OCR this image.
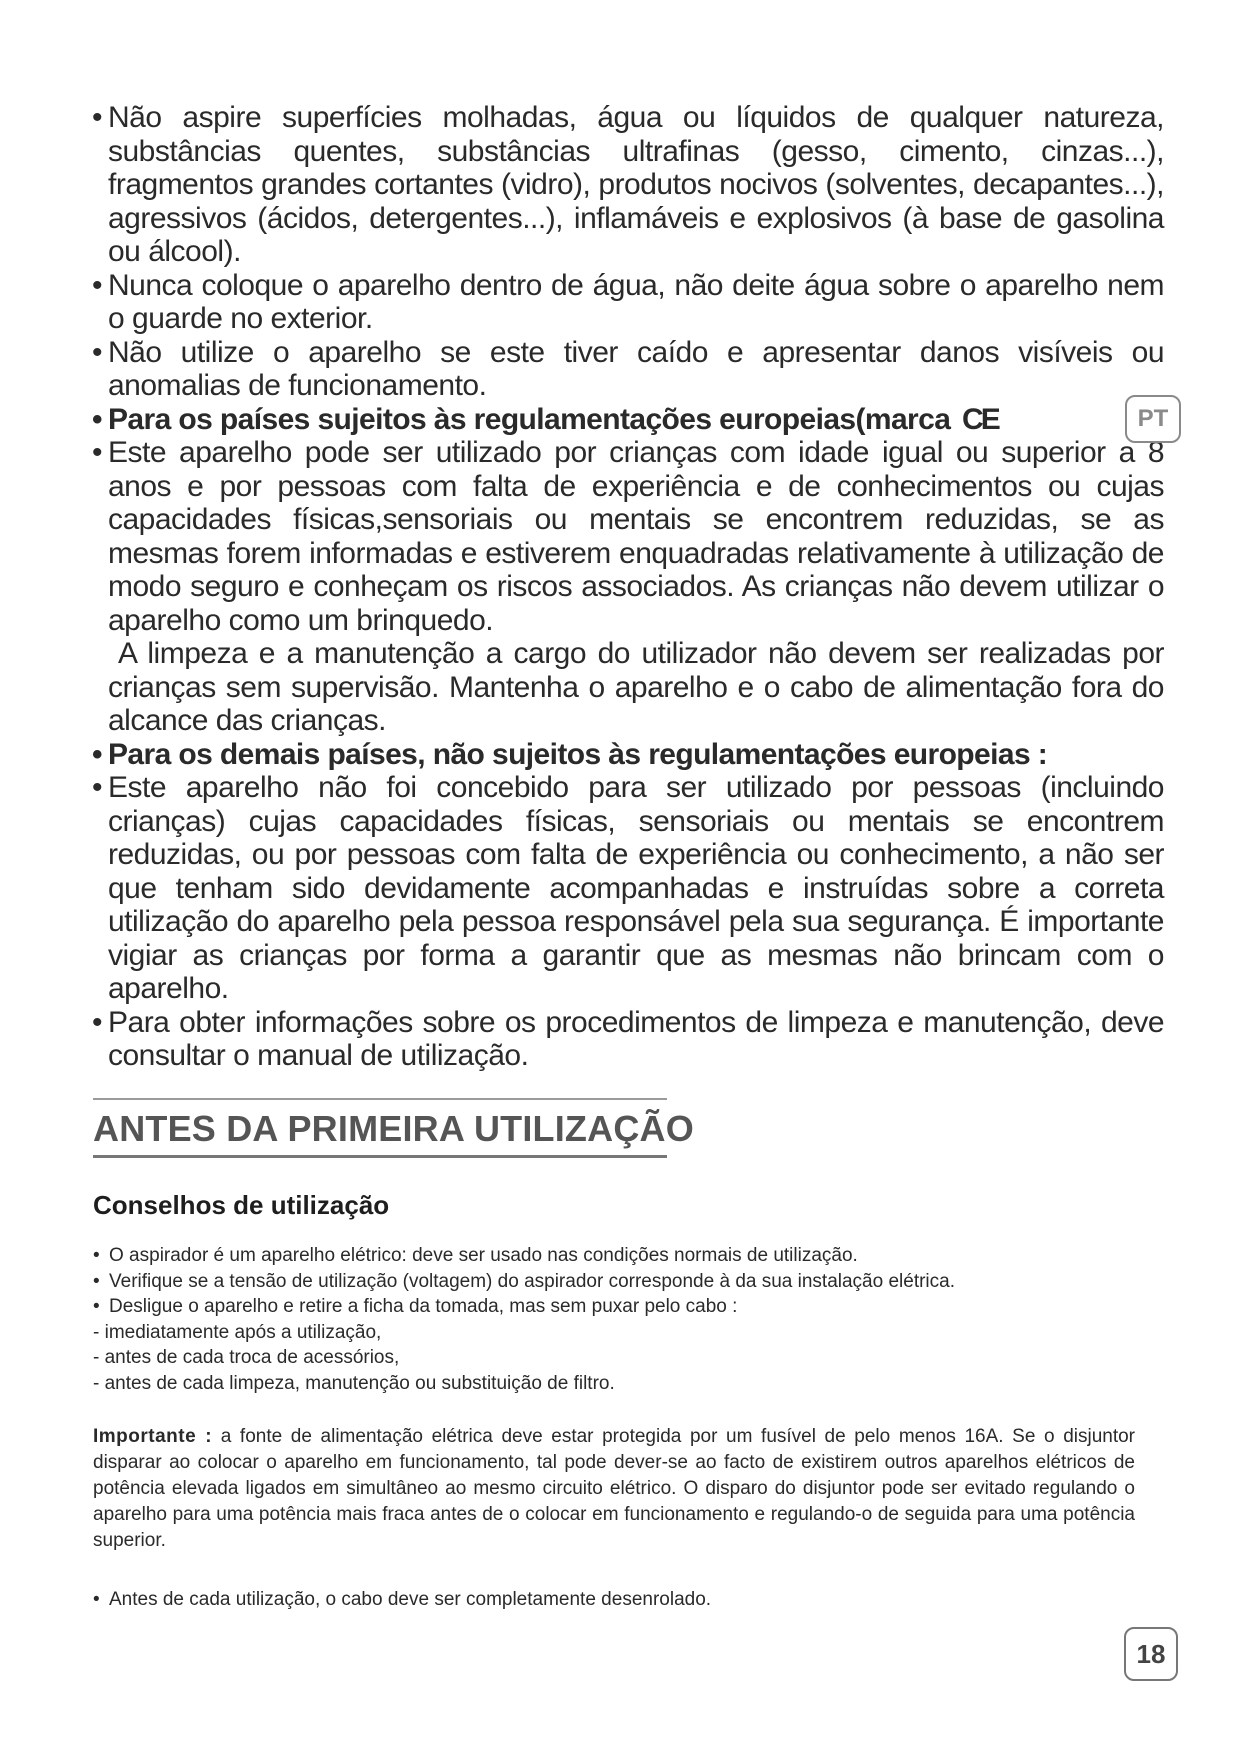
• Não aspire superfícies molhadas, água ou líquidos de qualquer natureza, substâncias quentes, substâncias ultrafinas (gesso, cimento, cinzas...), fragmentos grandes cortantes (vidro), produtos nocivos (solventes, decapantes...), agressivos (ácidos, detergentes...), inflamáveis e explosivos (à base de gasolina ou álcool).
• Nunca coloque o aparelho dentro de água, não deite água sobre o aparelho nem o guarde no exterior.
• Não utilize o aparelho se este tiver caído e apresentar danos visíveis ou anomalias de funcionamento.
• Para os países sujeitos às regulamentações europeias(marca CE
• Este aparelho pode ser utilizado por crianças com idade igual ou superior a 8 anos e por pessoas com falta de experiência e de conhecimentos ou cujas capacidades físicas,sensoriais ou mentais se encontrem reduzidas, se as mesmas forem informadas e estiverem enquadradas relativamente à utilização de modo seguro e conheçam os riscos associados. As crianças não devem utilizar o aparelho como um brinquedo.
A limpeza e a manutenção a cargo do utilizador não devem ser realizadas por crianças sem supervisão. Mantenha o aparelho e o cabo de alimentação fora do alcance das crianças.
• Para os demais países, não sujeitos às regulamentações europeias :
• Este aparelho não foi concebido para ser utilizado por pessoas (incluindo crianças) cujas capacidades físicas, sensoriais ou mentais se encontrem reduzidas, ou por pessoas com falta de experiência ou conhecimento, a não ser que tenham sido devidamente acompanhadas e instruídas sobre a correta utilização do aparelho pela pessoa responsável pela sua segurança. É importante vigiar as crianças por forma a garantir que as mesmas não brincam com o aparelho.
• Para obter informações sobre os procedimentos de limpeza e manutenção, deve consultar o manual de utilização.
PT
ANTES DA PRIMEIRA UTILIZAÇÃO
Conselhos de utilização
• O aspirador é um aparelho elétrico: deve ser usado nas condições normais de utilização.
• Verifique se a tensão de utilização (voltagem) do aspirador corresponde à da sua instalação elétrica.
• Desligue o aparelho e retire a ficha da tomada, mas sem puxar pelo cabo :
- imediatamente após a utilização,
- antes de cada troca de acessórios,
- antes de cada limpeza, manutenção ou substituição de filtro.
Importante : a fonte de alimentação elétrica deve estar protegida por um fusível de pelo menos 16A. Se o disjuntor disparar ao colocar o aparelho em funcionamento, tal pode dever-se ao facto de existirem outros aparelhos elétricos de potência elevada ligados em simultâneo ao mesmo circuito elétrico. O disparo do disjuntor pode ser evitado regulando o aparelho para uma potência mais fraca antes de o colocar em funcionamento e regulando-o de seguida para uma potência superior.
• Antes de cada utilização, o cabo deve ser completamente desenrolado.
18
